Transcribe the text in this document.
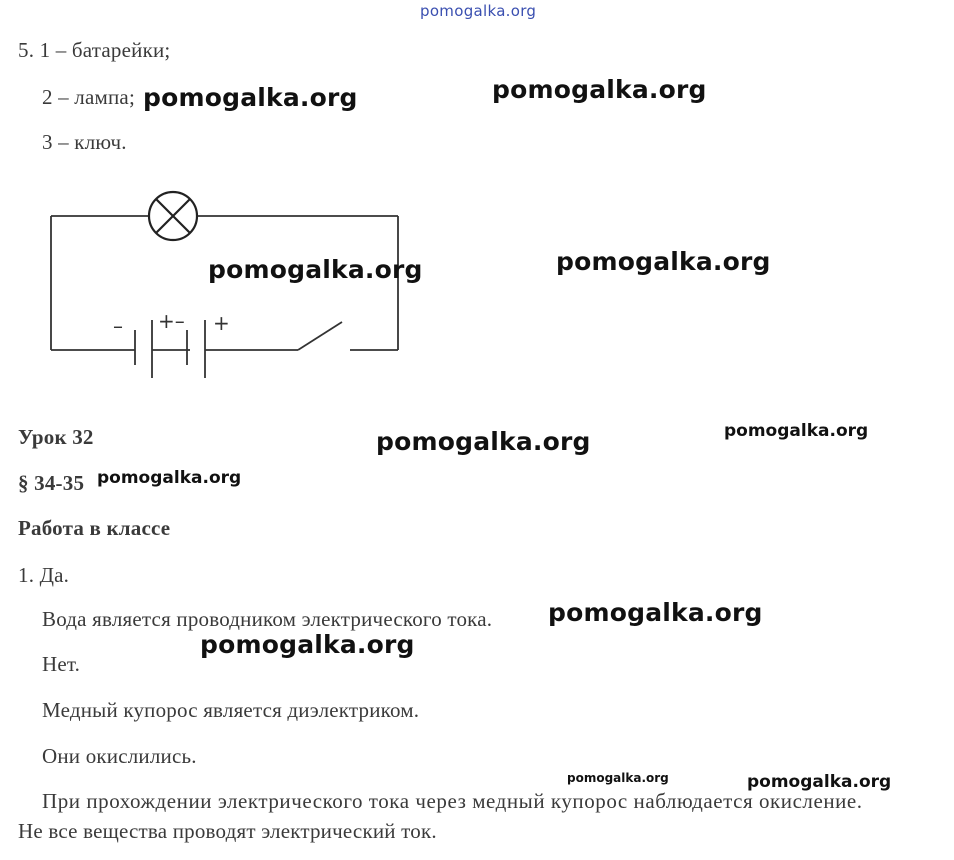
pomogalka.org
5. 1 – батарейки;
2 – лампа;
3 – ключ.
– +– +
Урок 32
§ 34-35
Работа в классе
1. Да.
Вода является проводником электрического тока.
Нет.
Медный купорос является диэлектриком.
Они окислились.
При прохождении электрического тока через медный купорос наблюдается окисление.
Не все вещества проводят электрический ток.
pomogalka.org	pomogalka.org
pomogalka.org	pomogalka.org
pomogalka.org	pomogalka.org
pomogalka.org
pomogalka.org
pomogalka.org
pomogalka.org	pomogalka.org
